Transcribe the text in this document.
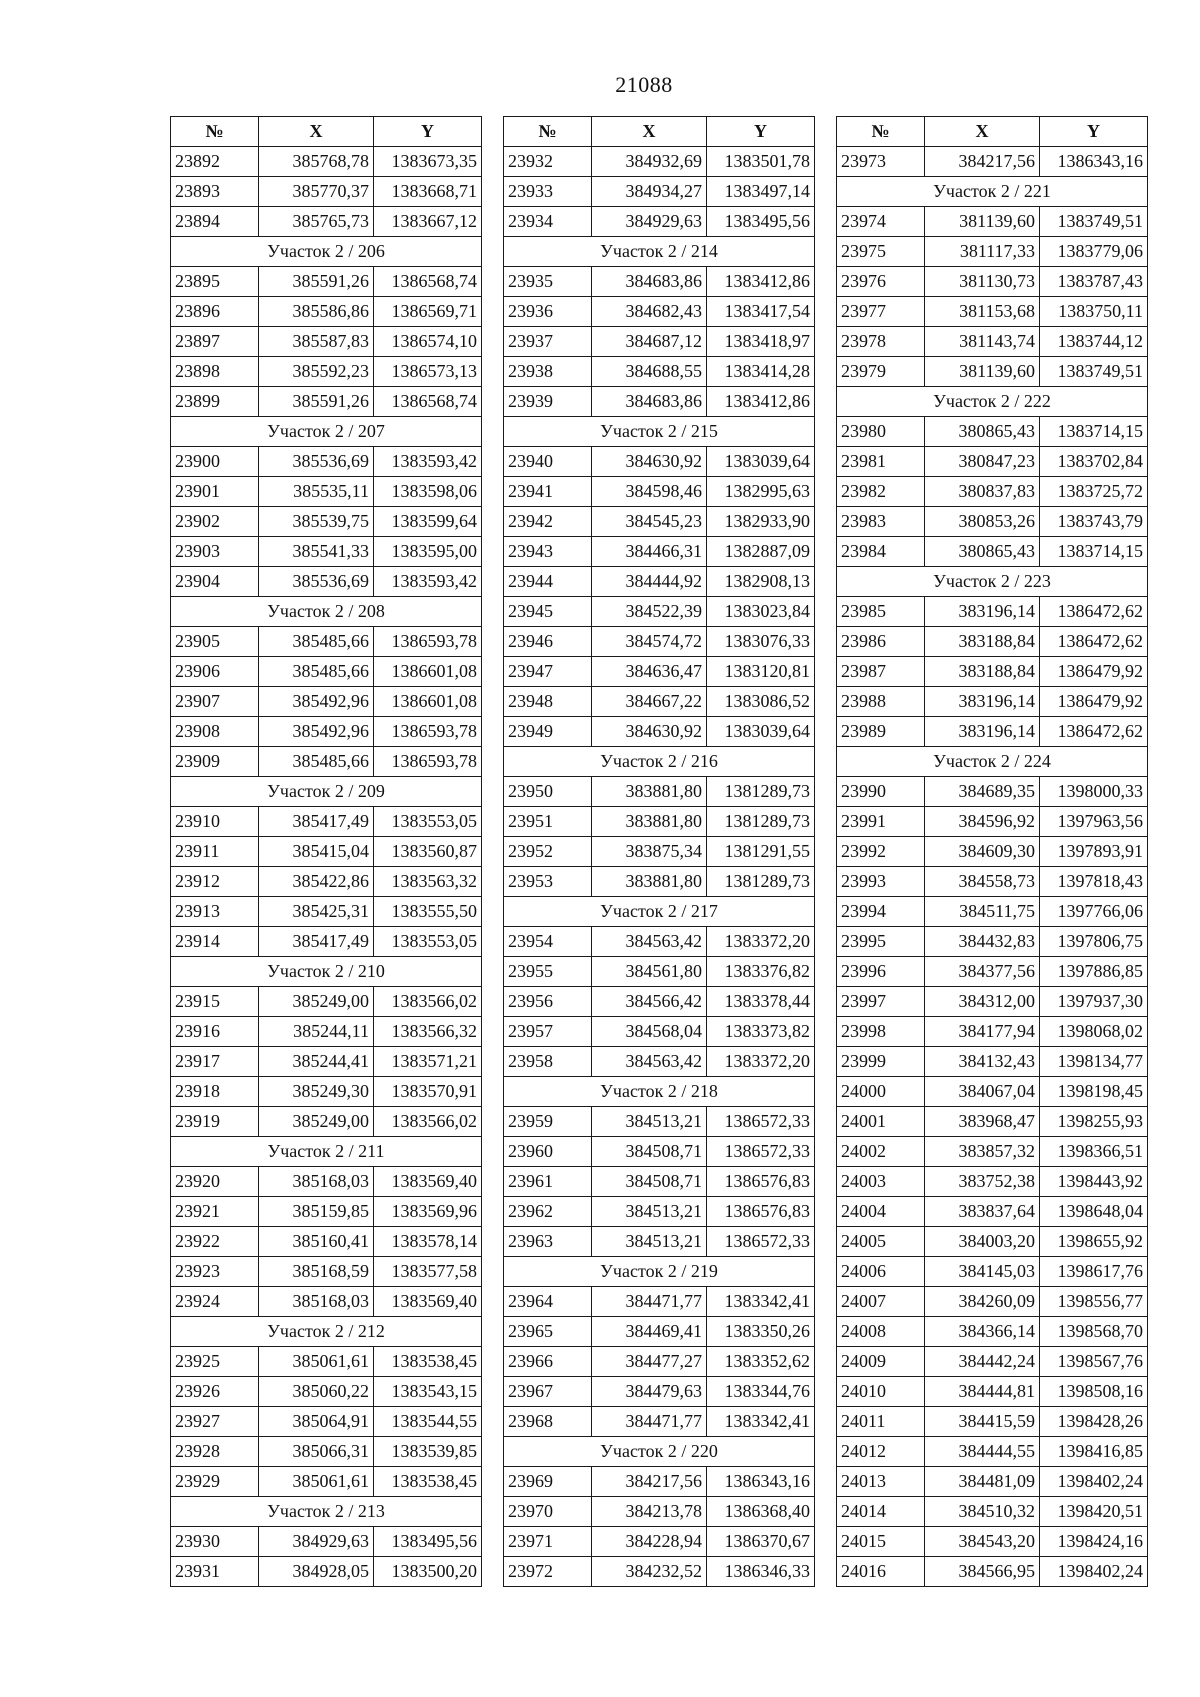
21088
№	X	Y
23892	385768,78	1383673,35
23893	385770,37	1383668,71
23894	385765,73	1383667,12
Участок 2 / 206		
23895	385591,26	1386568,74
23896	385586,86	1386569,71
23897	385587,83	1386574,10
23898	385592,23	1386573,13
23899	385591,26	1386568,74
Участок 2 / 207		
23900	385536,69	1383593,42
23901	385535,11	1383598,06
23902	385539,75	1383599,64
23903	385541,33	1383595,00
23904	385536,69	1383593,42
Участок 2 / 208		
23905	385485,66	1386593,78
23906	385485,66	1386601,08
23907	385492,96	1386601,08
23908	385492,96	1386593,78
23909	385485,66	1386593,78
Участок 2 / 209		
23910	385417,49	1383553,05
23911	385415,04	1383560,87
23912	385422,86	1383563,32
23913	385425,31	1383555,50
23914	385417,49	1383553,05
Участок 2 / 210		
23915	385249,00	1383566,02
23916	385244,11	1383566,32
23917	385244,41	1383571,21
23918	385249,30	1383570,91
23919	385249,00	1383566,02
Участок 2 / 211		
23920	385168,03	1383569,40
23921	385159,85	1383569,96
23922	385160,41	1383578,14
23923	385168,59	1383577,58
23924	385168,03	1383569,40
Участок 2 / 212		
23925	385061,61	1383538,45
23926	385060,22	1383543,15
23927	385064,91	1383544,55
23928	385066,31	1383539,85
23929	385061,61	1383538,45
Участок 2 / 213		
23930	384929,63	1383495,56
23931	384928,05	1383500,20
№	X	Y
23932	384932,69	1383501,78
23933	384934,27	1383497,14
23934	384929,63	1383495,56
Участок 2 / 214		
23935	384683,86	1383412,86
23936	384682,43	1383417,54
23937	384687,12	1383418,97
23938	384688,55	1383414,28
23939	384683,86	1383412,86
Участок 2 / 215		
23940	384630,92	1383039,64
23941	384598,46	1382995,63
23942	384545,23	1382933,90
23943	384466,31	1382887,09
23944	384444,92	1382908,13
23945	384522,39	1383023,84
23946	384574,72	1383076,33
23947	384636,47	1383120,81
23948	384667,22	1383086,52
23949	384630,92	1383039,64
Участок 2 / 216		
23950	383881,80	1381289,73
23951	383881,80	1381289,73
23952	383875,34	1381291,55
23953	383881,80	1381289,73
Участок 2 / 217		
23954	384563,42	1383372,20
23955	384561,80	1383376,82
23956	384566,42	1383378,44
23957	384568,04	1383373,82
23958	384563,42	1383372,20
Участок 2 / 218		
23959	384513,21	1386572,33
23960	384508,71	1386572,33
23961	384508,71	1386576,83
23962	384513,21	1386576,83
23963	384513,21	1386572,33
Участок 2 / 219		
23964	384471,77	1383342,41
23965	384469,41	1383350,26
23966	384477,27	1383352,62
23967	384479,63	1383344,76
23968	384471,77	1383342,41
Участок 2 / 220		
23969	384217,56	1386343,16
23970	384213,78	1386368,40
23971	384228,94	1386370,67
23972	384232,52	1386346,33
№	X	Y
23973	384217,56	1386343,16
Участок 2 / 221		
23974	381139,60	1383749,51
23975	381117,33	1383779,06
23976	381130,73	1383787,43
23977	381153,68	1383750,11
23978	381143,74	1383744,12
23979	381139,60	1383749,51
Участок 2 / 222		
23980	380865,43	1383714,15
23981	380847,23	1383702,84
23982	380837,83	1383725,72
23983	380853,26	1383743,79
23984	380865,43	1383714,15
Участок 2 / 223		
23985	383196,14	1386472,62
23986	383188,84	1386472,62
23987	383188,84	1386479,92
23988	383196,14	1386479,92
23989	383196,14	1386472,62
Участок 2 / 224		
23990	384689,35	1398000,33
23991	384596,92	1397963,56
23992	384609,30	1397893,91
23993	384558,73	1397818,43
23994	384511,75	1397766,06
23995	384432,83	1397806,75
23996	384377,56	1397886,85
23997	384312,00	1397937,30
23998	384177,94	1398068,02
23999	384132,43	1398134,77
24000	384067,04	1398198,45
24001	383968,47	1398255,93
24002	383857,32	1398366,51
24003	383752,38	1398443,92
24004	383837,64	1398648,04
24005	384003,20	1398655,92
24006	384145,03	1398617,76
24007	384260,09	1398556,77
24008	384366,14	1398568,70
24009	384442,24	1398567,76
24010	384444,81	1398508,16
24011	384415,59	1398428,26
24012	384444,55	1398416,85
24013	384481,09	1398402,24
24014	384510,32	1398420,51
24015	384543,20	1398424,16
24016	384566,95	1398402,24
